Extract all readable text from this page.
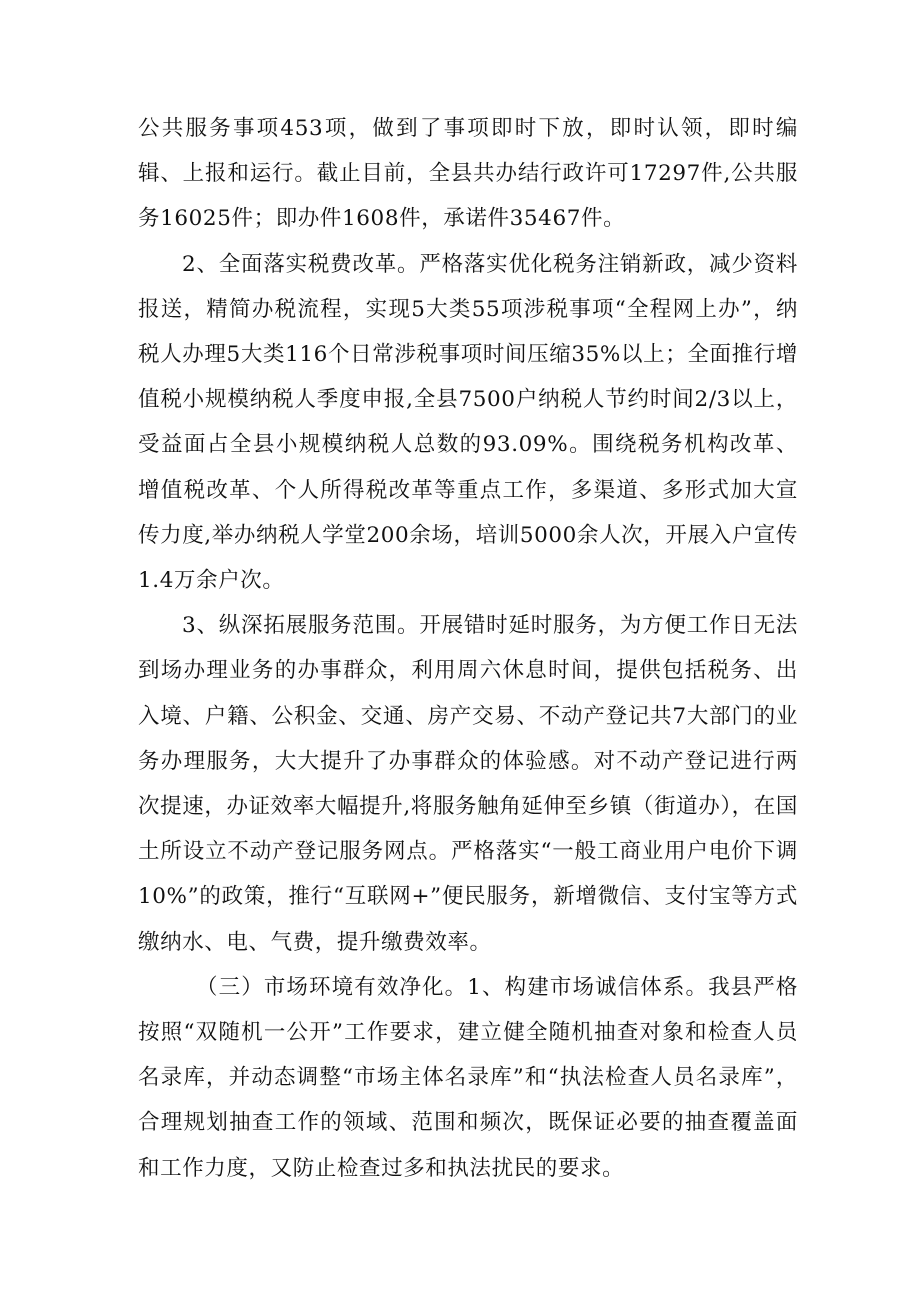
公共服务事项453项，做到了事项即时下放，即时认领，即时编辑、上报和运行。截止目前，全县共办结行政许可17297件,公共服务16025件；即办件1608件，承诺件35467件。

2、全面落实税费改革。严格落实优化税务注销新政，减少资料报送，精简办税流程，实现5大类55项涉税事项“全程网上办”，纳税人办理5大类116个日常涉税事项时间压缩35%以上；全面推行增值税小规模纳税人季度申报,全县7500户纳税人节约时间2/3以上，受益面占全县小规模纳税人总数的93.09%。围绕税务机构改革、增值税改革、个人所得税改革等重点工作，多渠道、多形式加大宣传力度,举办纳税人学堂200余场，培训5000余人次，开展入户宣传1.4万余户次。

3、纵深拓展服务范围。开展错时延时服务，为方便工作日无法到场办理业务的办事群众，利用周六休息时间，提供包括税务、出入境、户籍、公积金、交通、房产交易、不动产登记共7大部门的业务办理服务，大大提升了办事群众的体验感。对不动产登记进行两次提速，办证效率大幅提升,将服务触角延伸至乡镇（街道办），在国土所设立不动产登记服务网点。严格落实“一般工商业用户电价下调10%”的政策，推行“互联网+”便民服务，新增微信、支付宝等方式缴纳水、电、气费，提升缴费效率。

（三）市场环境有效净化。1、构建市场诚信体系。我县严格按照“双随机一公开”工作要求，建立健全随机抽查对象和检查人员名录库，并动态调整“市场主体名录库”和“执法检查人员名录库”，合理规划抽查工作的领域、范围和频次，既保证必要的抽查覆盖面和工作力度，又防止检查过多和执法扰民的要求。
